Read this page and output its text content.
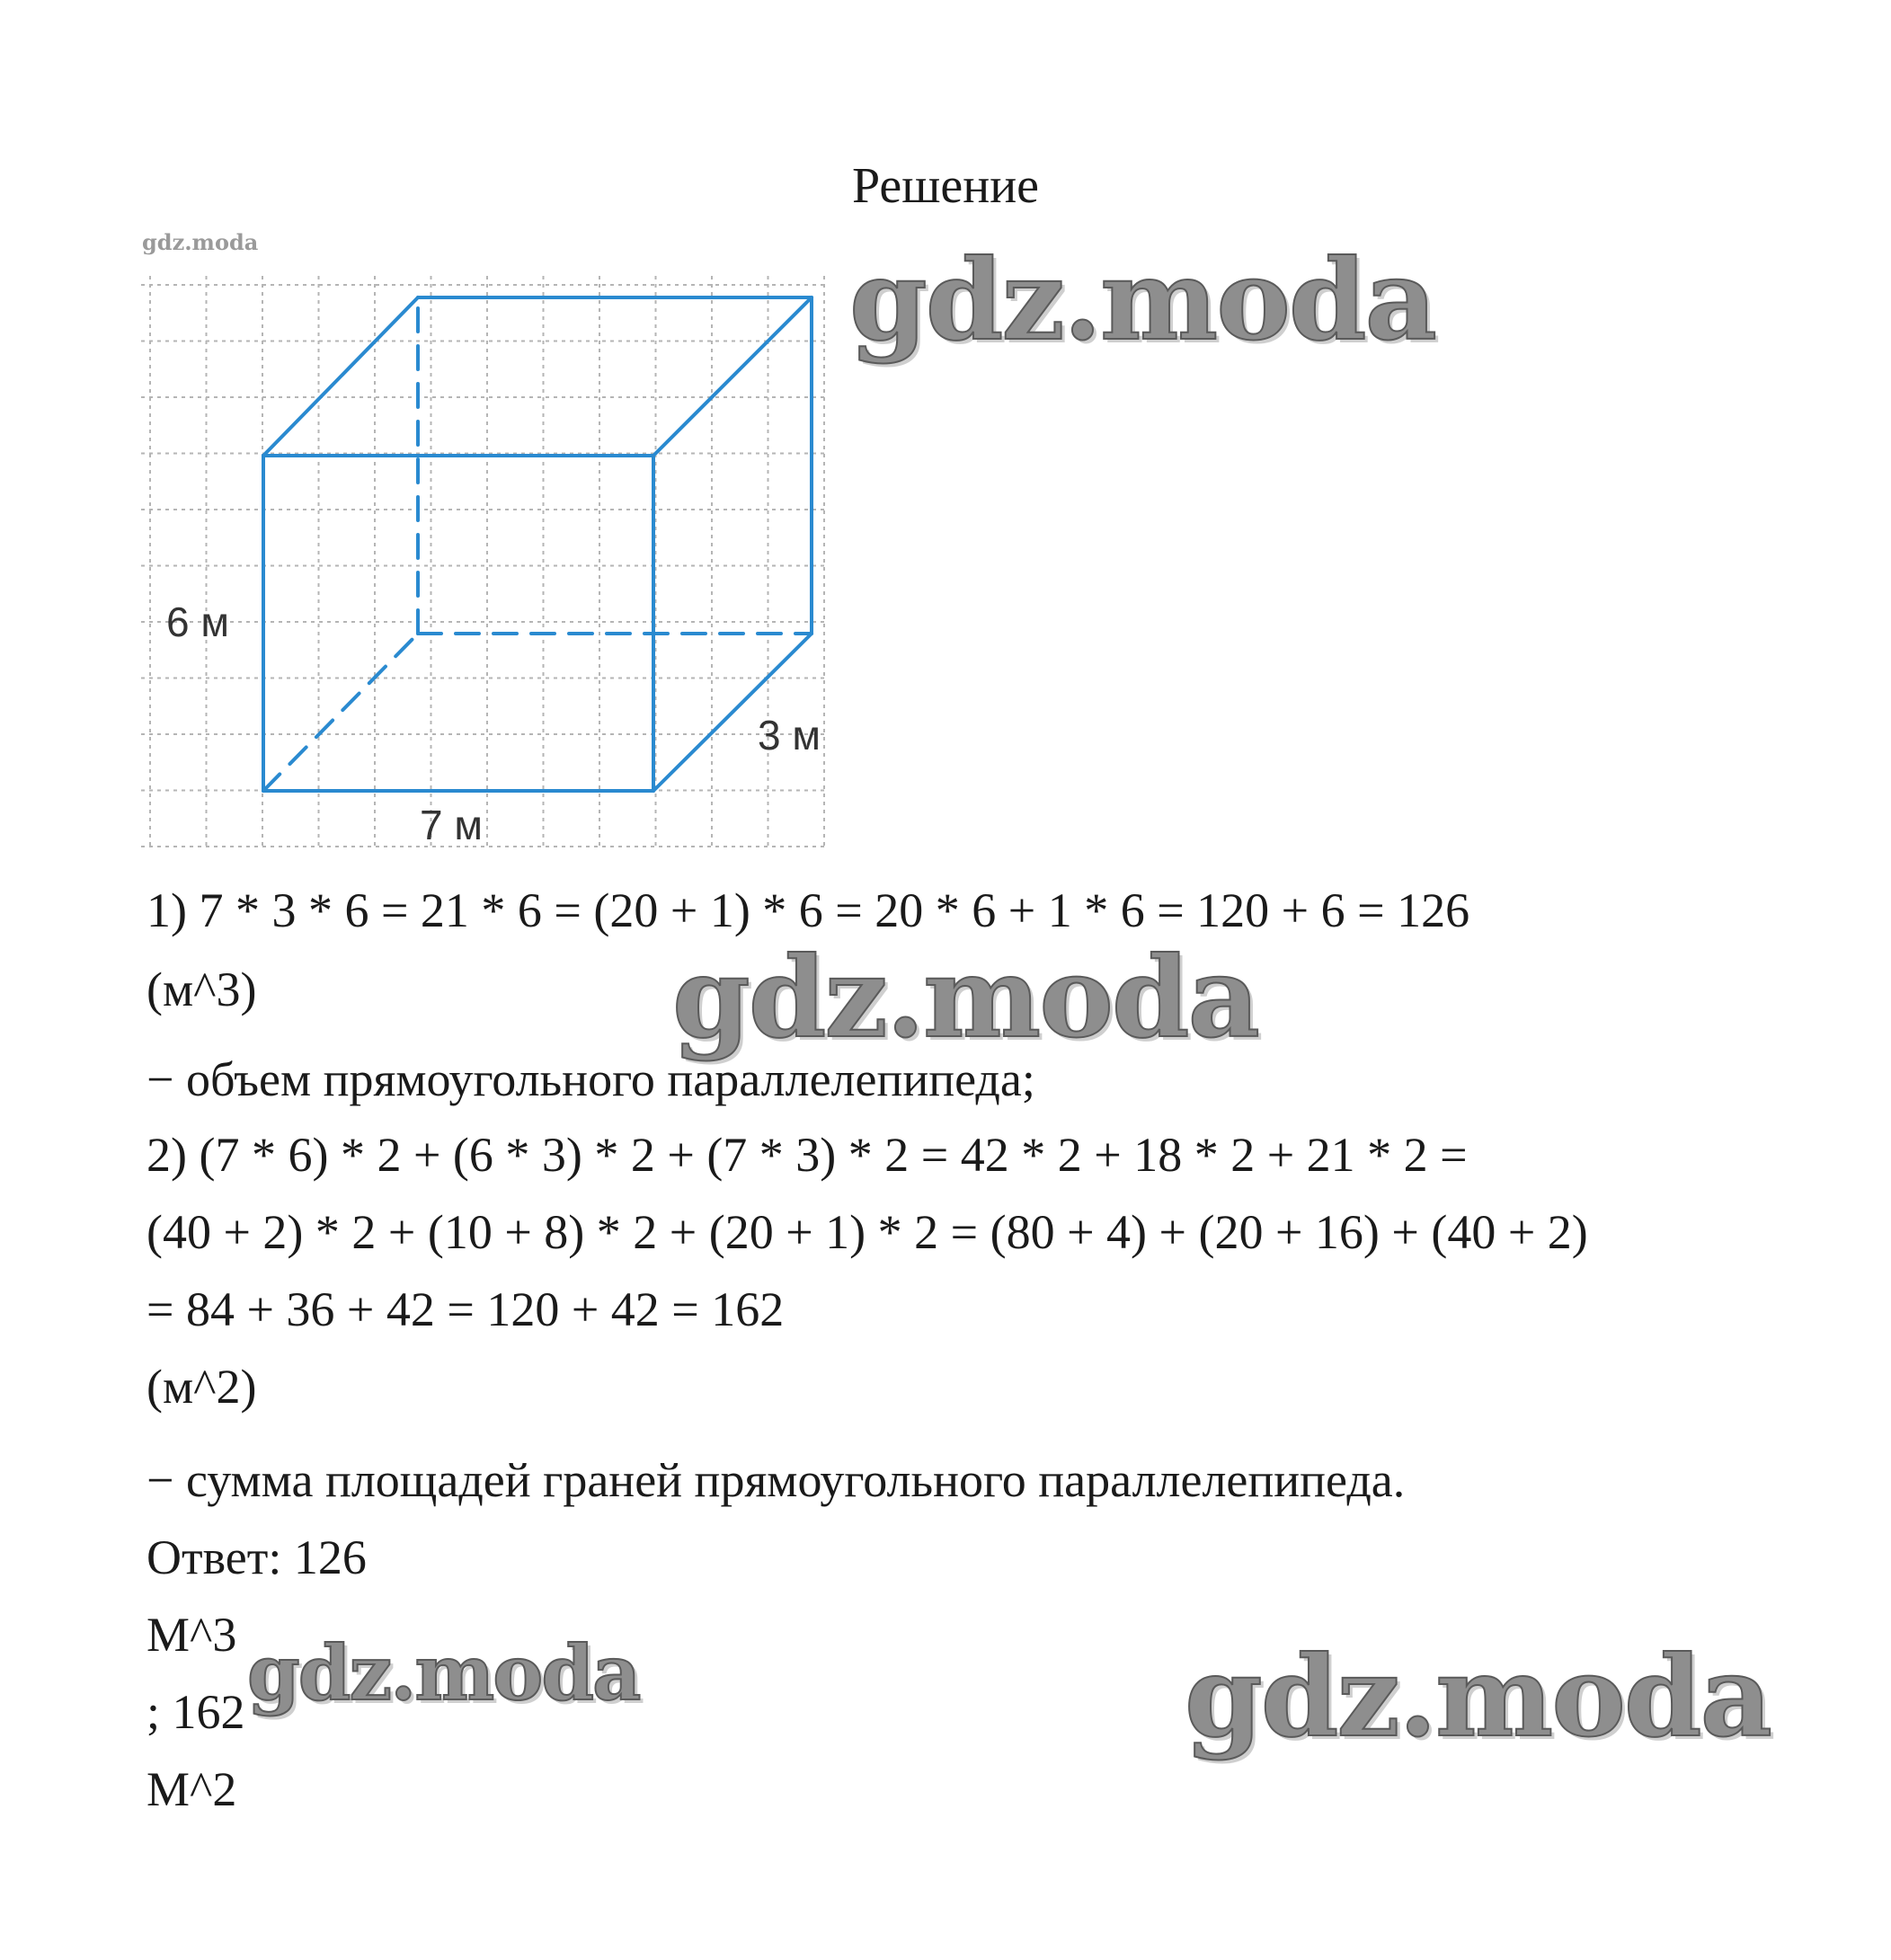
Решение
gdz.moda
6 м
3 м
7 м
gdz.moda
gdz.moda
gdz.moda	gdz.moda
1) 7 * 3 * 6 = 21 * 6 = (20 + 1) * 6 = 20 * 6 + 1 * 6 = 120 + 6 = 126
(м^3)
− объем прямоугольного параллелепипеда;
2) (7 * 6) * 2 + (6 * 3) * 2 + (7 * 3) * 2 = 42 * 2 + 18 * 2 + 21 * 2 =
(40 + 2) * 2 + (10 + 8) * 2 + (20 + 1) * 2 = (80 + 4) + (20 + 16) + (40 + 2)
= 84 + 36 + 42 = 120 + 42 = 162
(м^2)
− сумма площадей граней прямоугольного параллелепипеда.
Ответ: 126
М^3
; 162
М^2
